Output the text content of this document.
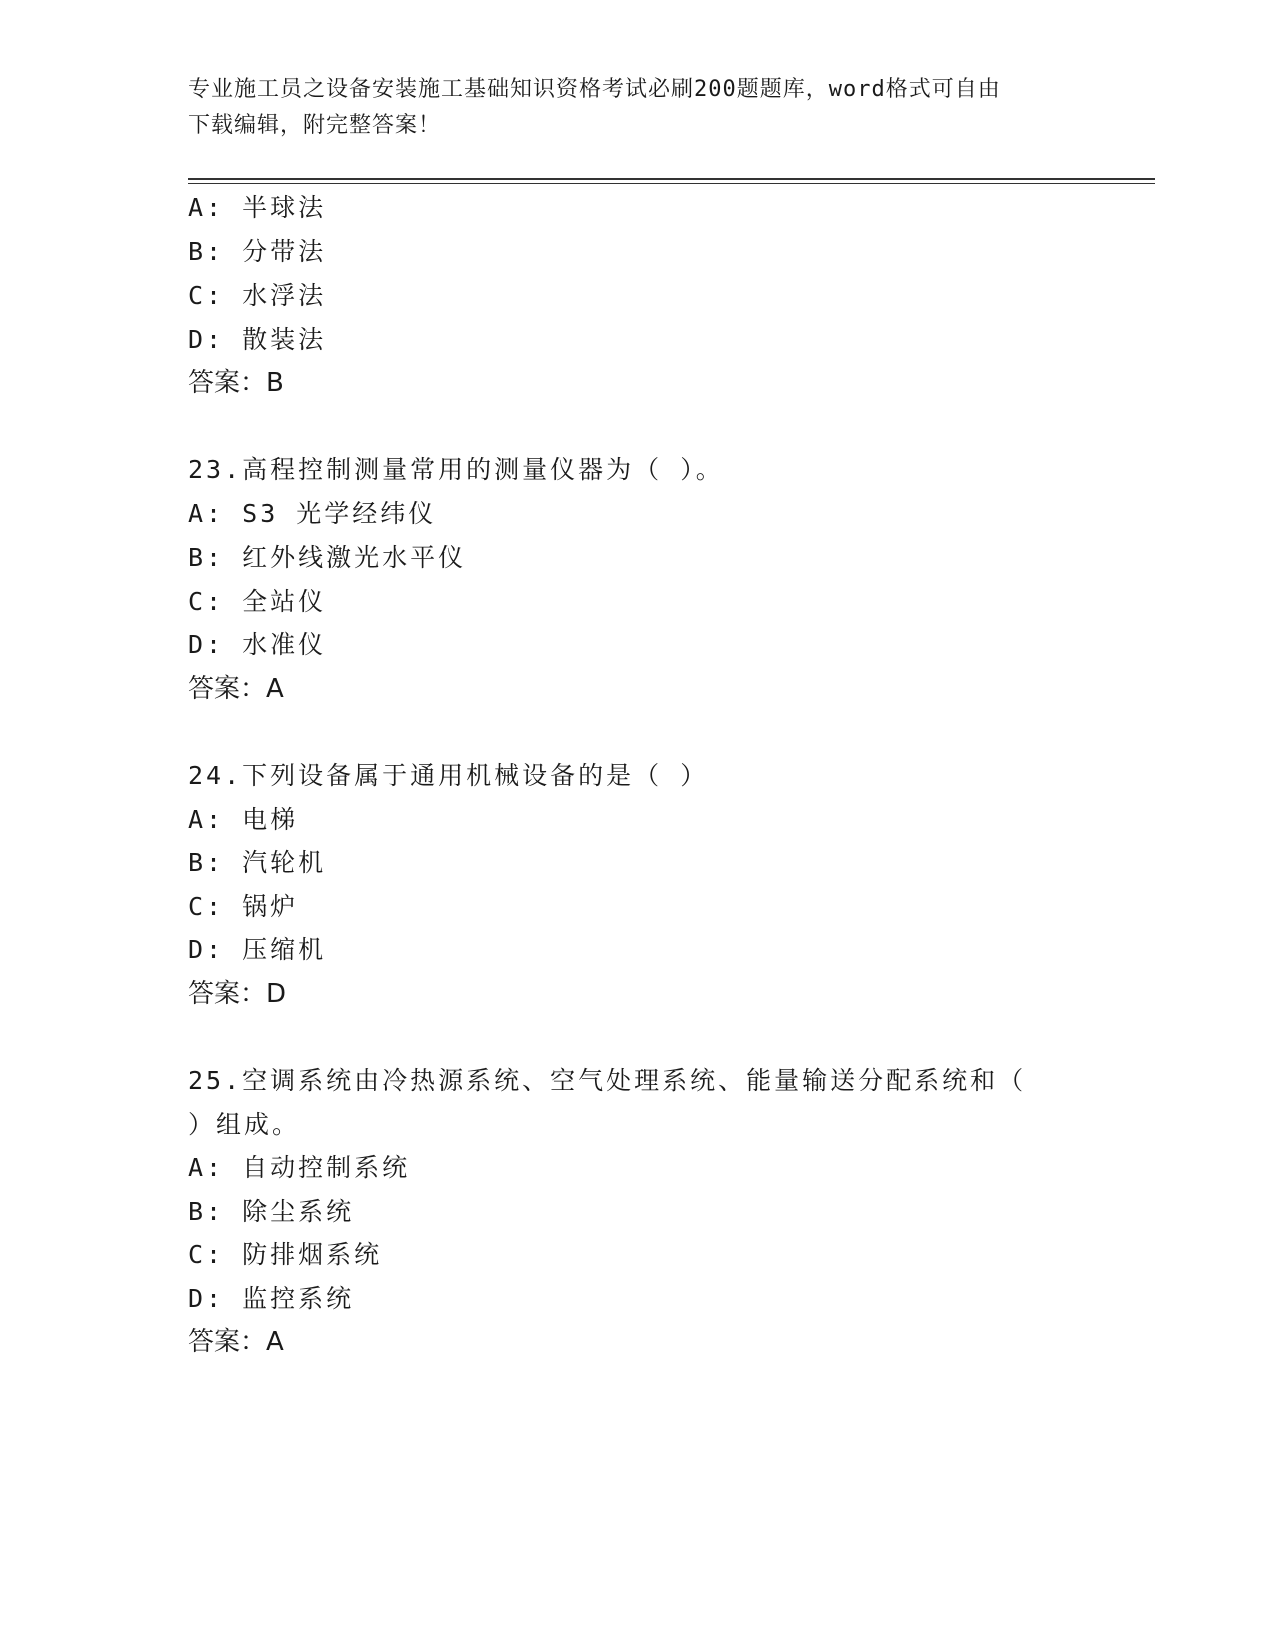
专业施工员之设备安装施工基础知识资格考试必刷200题题库，word格式可自由
下载编辑，附完整答案！
A: 半球法
B: 分带法
C: 水浮法
D: 散装法
答案：B
23.高程控制测量常用的测量仪器为（ ）。
A: S3 光学经纬仪
B: 红外线激光水平仪
C: 全站仪
D: 水准仪
答案：A
24.下列设备属于通用机械设备的是（ ）
A: 电梯
B: 汽轮机
C: 锅炉
D: 压缩机
答案：D
25.空调系统由冷热源系统、空气处理系统、能量输送分配系统和（
）组成。
A: 自动控制系统
B: 除尘系统
C: 防排烟系统
D: 监控系统
答案：A
